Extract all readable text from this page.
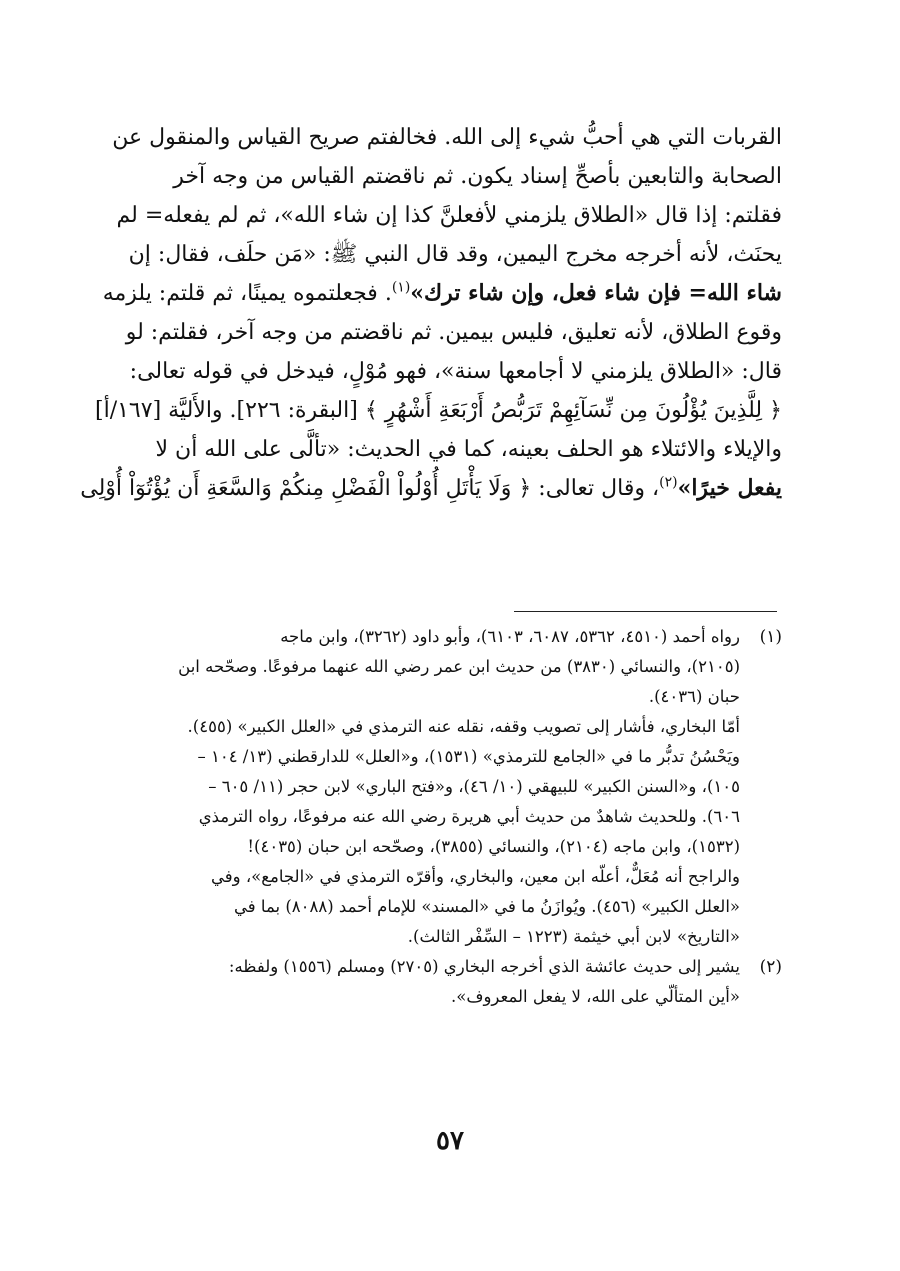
القربات التي هي أحبُّ شيء إلى الله. فخالفتم صريح القياس والمنقول عن
الصحابة والتابعين بأصحِّ إسناد يكون. ثم ناقضتم القياس من وجه آخر
فقلتم: إذا قال «الطلاق يلزمني لأفعلنَّ كذا إن شاء الله»، ثم لم يفعله= لم
يحنَث، لأنه أخرجه مخرج اليمين، وقد قال النبي ﷺ: «مَن حلَف، فقال: إن
شاء الله= فإن شاء فعل، وإن شاء ترك»$^{(١)}$. فجعلتموه يمينًا، ثم قلتم: يلزمه
وقوع الطلاق، لأنه تعليق، فليس بيمين. ثم ناقضتم من وجه آخر، فقلتم: لو
قال: «الطلاق يلزمني لا أجامعها سنة»، فهو مُوْلٍ، فيدخل في قوله تعالى:
﴿ لِلَّذِينَ يُؤْلُونَ مِن نِّسَآئِهِمْ تَرَبُّصُ أَرْبَعَةِ أَشْهُرٍ ﴾ [البقرة: ٢٢٦]. والأَليَّة [١٦٧/أ]
والإيلاء والائتلاء هو الحلف بعينه، كما في الحديث: «تألَّى على الله أن لا
يفعل خيرًا»$^{(٢)}$، وقال تعالى: ﴿ وَلَا يَأْتَلِ أُوْلُواْ الْفَضْلِ مِنكُمْ وَالسَّعَةِ أَن يُؤْتُوٓاْ أُوْلِى
(١)
رواه أحمد (٤٥١٠، ٥٣٦٢، ٦٠٨٧، ٦١٠٣)، وأبو داود (٣٢٦٢)، وابن ماجه
(٢١٠٥)، والنسائي (٣٨٣٠) من حديث ابن عمر رضي الله عنهما مرفوعًا. وصحّحه ابن
حبان (٤٠٣٦).
أمّا البخاري، فأشار إلى تصويب وقفه، نقله عنه الترمذي في «العلل الكبير» (٤٥٥).
ويَحْسُنُ تدبُّر ما في «الجامع للترمذي» (١٥٣١)، و«العلل» للدارقطني (١٣/ ١٠٤ –
١٠٥)، و«السنن الكبير» للبيهقي (١٠/ ٤٦)، و«فتح الباري» لابن حجر (١١/ ٦٠٥ –
٦٠٦). وللحديث شاهدٌ من حديث أبي هريرة رضي الله عنه مرفوعًا، رواه الترمذي
(١٥٣٢)، وابن ماجه (٢١٠٤)، والنسائي (٣٨٥٥)، وصحّحه ابن حبان (٤٠٣٥)!
والراجح أنه مُعَلٌّ، أعلّه ابن معين، والبخاري، وأقرّه الترمذي في «الجامع»، وفي
«العلل الكبير» (٤٥٦). ويُوازَنُ ما في «المسند» للإمام أحمد (٨٠٨٨) بما في
«التاريخ» لابن أبي خيثمة (١٢٢٣ – السِّفْر الثالث).
(٢)
يشير إلى حديث عائشة الذي أخرجه البخاري (٢٧٠٥) ومسلم (١٥٥٦) ولفظه:
«أين المتألّي على الله، لا يفعل المعروف».
٥٧
